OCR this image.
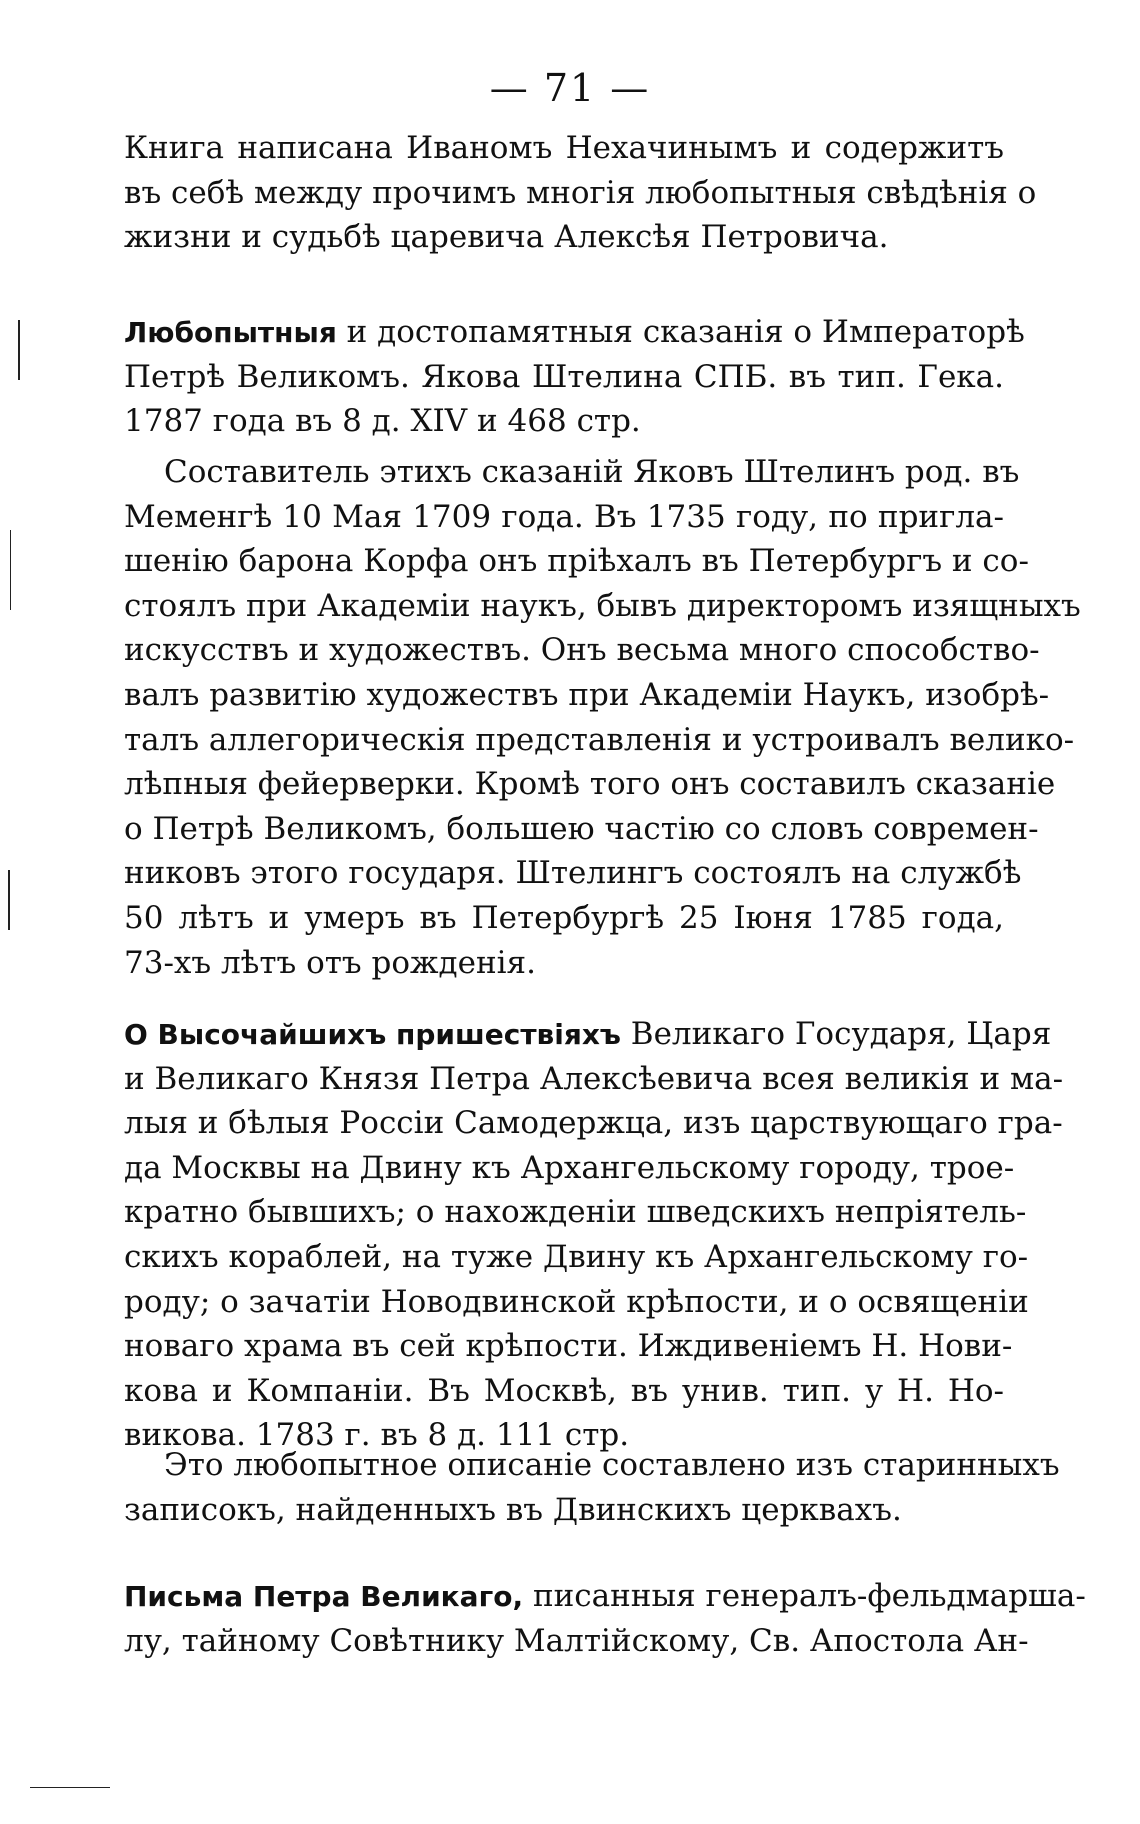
— 71 —
Книга написана Иваномъ Нехачинымъ и содержитъ
въ себѣ между прочимъ многія любопытныя свѣдѣнія о
жизни и судьбѣ царевича Алексѣя Петровича.
Любопытныя и достопамятныя сказанія о Императорѣ
Петрѣ Великомъ. Якова Штелина СПБ. въ тип. Гека.
1787 года въ 8 д. XIV и 468 стр.
Составитель этихъ сказаній Яковъ Штелинъ род. въ
Меменгѣ 10 Мая 1709 года. Въ 1735 году, по пригла-
шенію барона Корфа онъ пріѣхалъ въ Петербургъ и со-
стоялъ при Академіи наукъ, бывъ директоромъ изящныхъ
искусствъ и художествъ. Онъ весьма много способство-
валъ развитію художествъ при Академіи Наукъ, изобрѣ-
талъ аллегорическія представленія и устроивалъ велико-
лѣпныя фейерверки. Кромѣ того онъ составилъ сказаніе
о Петрѣ Великомъ, большею частію со словъ современ-
никовъ этого государя. Штелингъ состоялъ на службѣ
50 лѣтъ и умеръ въ Петербургѣ 25 Іюня 1785 года,
73-хъ лѣтъ отъ рожденія.
О Высочайшихъ пришествіяхъ Великаго Государя, Царя
и Великаго Князя Петра Алексѣевича всея великія и ма-
лыя и бѣлыя Россіи Самодержца, изъ царствующаго гра-
да Москвы на Двину къ Архангельскому городу, трое-
кратно бывшихъ; о нахожденіи шведскихъ непріятель-
скихъ кораблей, на туже Двину къ Архангельскому го-
роду; о зачатіи Новодвинской крѣпости, и о освященіи
новаго храма въ сей крѣпости. Иждивеніемъ Н. Нови-
кова и Компаніи. Въ Москвѣ, въ унив. тип. у Н. Но-
викова. 1783 г. въ 8 д. 111 стр.
Это любопытное описаніе составлено изъ старинныхъ
записокъ, найденныхъ въ Двинскихъ церквахъ.
Письма Петра Великаго, писанныя генералъ-фельдмарша-
лу, тайному Совѣтнику Малтійскому, Св. Апостола Ан-
